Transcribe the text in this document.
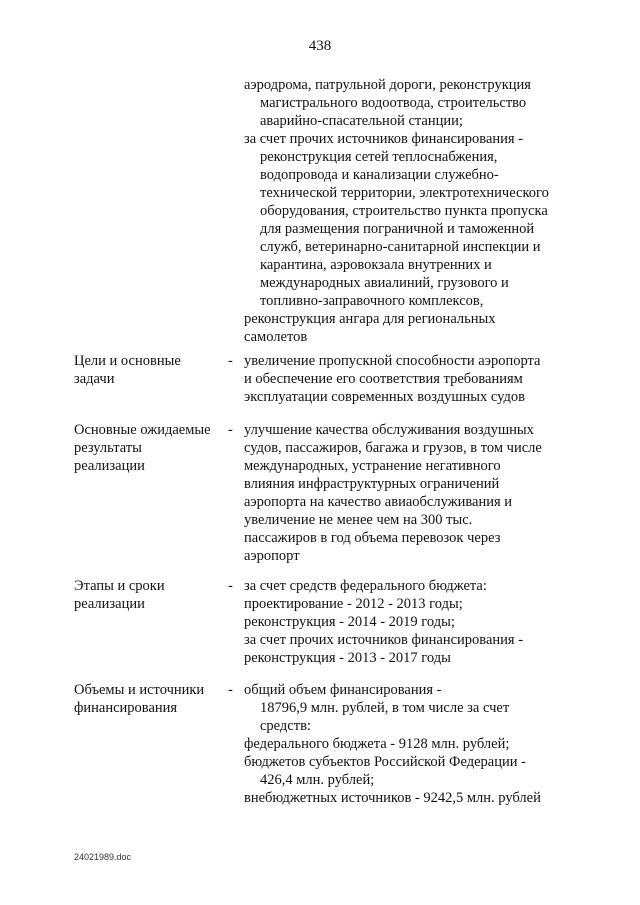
438
аэродрома, патрульной дороги, реконструкция
магистрального водоотвода, строительство
аварийно-спасательной станции;
за счет прочих источников финансирования -
реконструкция сетей теплоснабжения,
водопровода и канализации служебно-
технической территории, электротехнического
оборудования, строительство пункта пропуска
для размещения пограничной и таможенной
служб, ветеринарно-санитарной инспекции и
карантина, аэровокзала внутренних и
международных авиалиний, грузового и
топливно-заправочного комплексов,
реконструкция ангара для региональных
самолетов
Цели и основные
задачи
- увеличение пропускной способности аэропорта
и обеспечение его соответствия требованиям
эксплуатации современных воздушных судов
Основные ожидаемые
результаты
реализации
- улучшение качества обслуживания воздушных
судов, пассажиров, багажа и грузов, в том числе
международных, устранение негативного
влияния инфраструктурных ограничений
аэропорта на качество авиаобслуживания и
увеличение не менее чем на 300 тыс.
пассажиров в год объема перевозок через
аэропорт
Этапы и сроки
реализации
- за счет средств федерального бюджета:
проектирование - 2012 - 2013 годы;
реконструкция - 2014 - 2019 годы;
за счет прочих источников финансирования -
реконструкция - 2013 - 2017 годы
Объемы и источники
финансирования
- общий объем финансирования -
18796,9 млн. рублей, в том числе за счет
средств:
федерального бюджета - 9128 млн. рублей;
бюджетов субъектов Российской Федерации -
426,4 млн. рублей;
внебюджетных источников - 9242,5 млн. рублей
24021989.doc
